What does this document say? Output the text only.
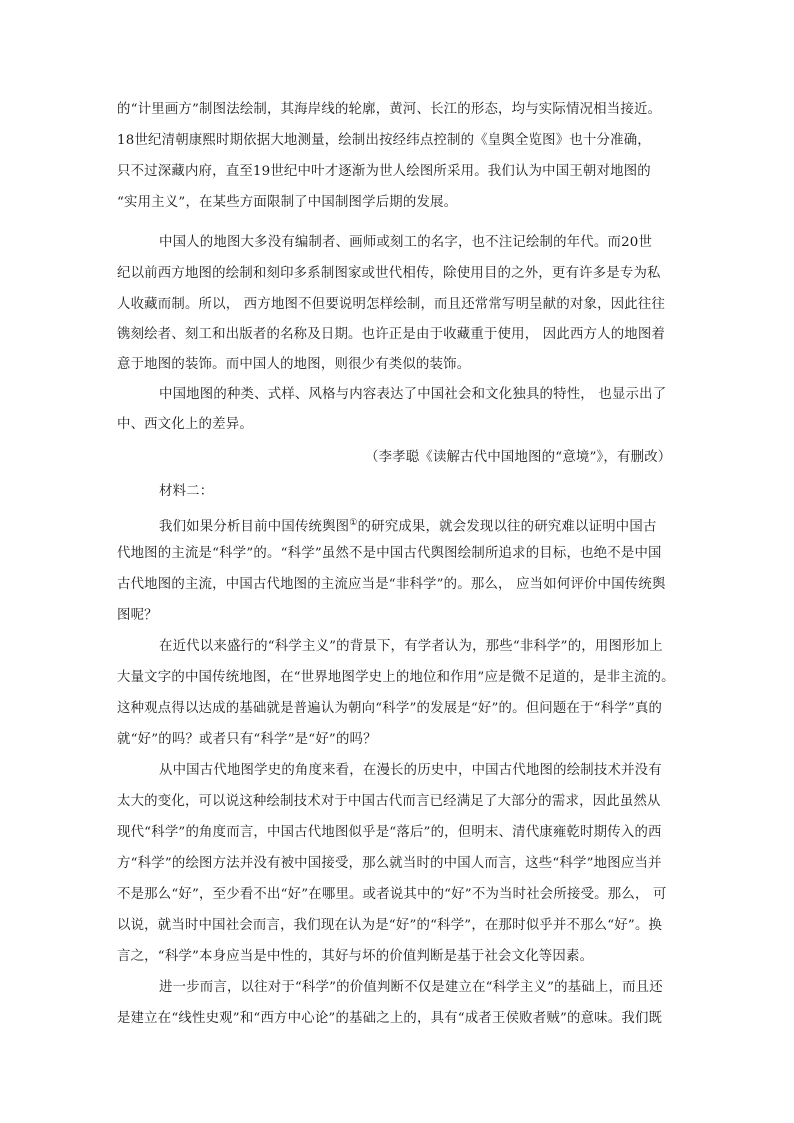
的“计里画方”制图法绘制，其海岸线的轮廓，黄河、长江的形态，均与实际情况相当接近。
18世纪清朝康熙时期依据大地测量，绘制出按经纬点控制的《皇舆全览图》也十分准确，
只不过深藏内府，直至19世纪中叶才逐渐为世人绘图所采用。我们认为中国王朝对地图的
“实用主义”，在某些方面限制了中国制图学后期的发展。
中国人的地图大多没有编制者、画师或刻工的名字，也不注记绘制的年代。而20世
纪以前西方地图的绘制和刻印多系制图家或世代相传，除使用目的之外，更有许多是专为私
人收藏而制。所以， 西方地图不但要说明怎样绘制，而且还常常写明呈献的对象，因此往往
镌刻绘者、刻工和出版者的名称及日期。也许正是由于收藏重于使用， 因此西方人的地图着
意于地图的装饰。而中国人的地图，则很少有类似的装饰。
中国地图的种类、式样、风格与内容表达了中国社会和文化独具的特性， 也显示出了
中、西文化上的差异。
（李孝聪《读解古代中国地图的“意境”》，有删改）
材料二：
我们如果分析目前中国传统舆图①的研究成果，就会发现以往的研究难以证明中国古
代地图的主流是“科学”的。“科学”虽然不是中国古代舆图绘制所追求的目标，也绝不是中国
古代地图的主流，中国古代地图的主流应当是“非科学”的。那么， 应当如何评价中国传统舆
图呢？
在近代以来盛行的“科学主义”的背景下，有学者认为，那些“非科学”的，用图形加上
大量文字的中国传统地图，在“世界地图学史上的地位和作用”应是微不足道的，是非主流的。
这种观点得以达成的基础就是普遍认为朝向“科学”的发展是“好”的。但问题在于“科学”真的
就“好”的吗？或者只有“科学”是“好”的吗？
从中国古代地图学史的角度来看，在漫长的历史中，中国古代地图的绘制技术并没有
太大的变化，可以说这种绘制技术对于中国古代而言已经满足了大部分的需求，因此虽然从
现代“科学”的角度而言，中国古代地图似乎是“落后”的，但明末、清代康雍乾时期传入的西
方“科学”的绘图方法并没有被中国接受，那么就当时的中国人而言，这些“科学”地图应当并
不是那么“好”，至少看不出“好”在哪里。或者说其中的“好”不为当时社会所接受。那么， 可
以说，就当时中国社会而言，我们现在认为是“好”的“科学”，在那时似乎并不那么“好”。换
言之，“科学”本身应当是中性的，其好与坏的价值判断是基于社会文化等因素。
进一步而言，以往对于“科学”的价值判断不仅是建立在“科学主义”的基础上，而且还
是建立在“线性史观”和“西方中心论”的基础之上的，具有“成者王侯败者贼”的意味。我们既
